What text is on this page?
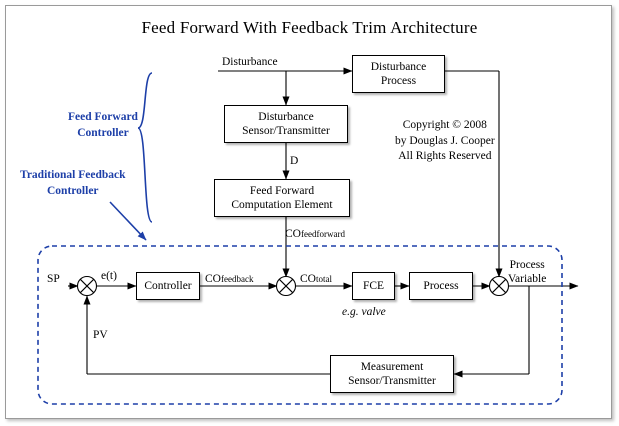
Feed Forward With Feedback Trim Architecture
Disturbance
Process
Disturbance
Sensor/Transmitter
Feed Forward
Computation Element
Controller	FCE	Process
Measurement
Sensor/Transmitter
Disturbance
D
COfeedforward
SP	e(t)	COfeedback	COtotal
e.g. valve
PV
Process
Variable
Copyright © 2008
by Douglas J. Cooper
All Rights Reserved
Feed Forward
Controller
Traditional Feedback
Controller
